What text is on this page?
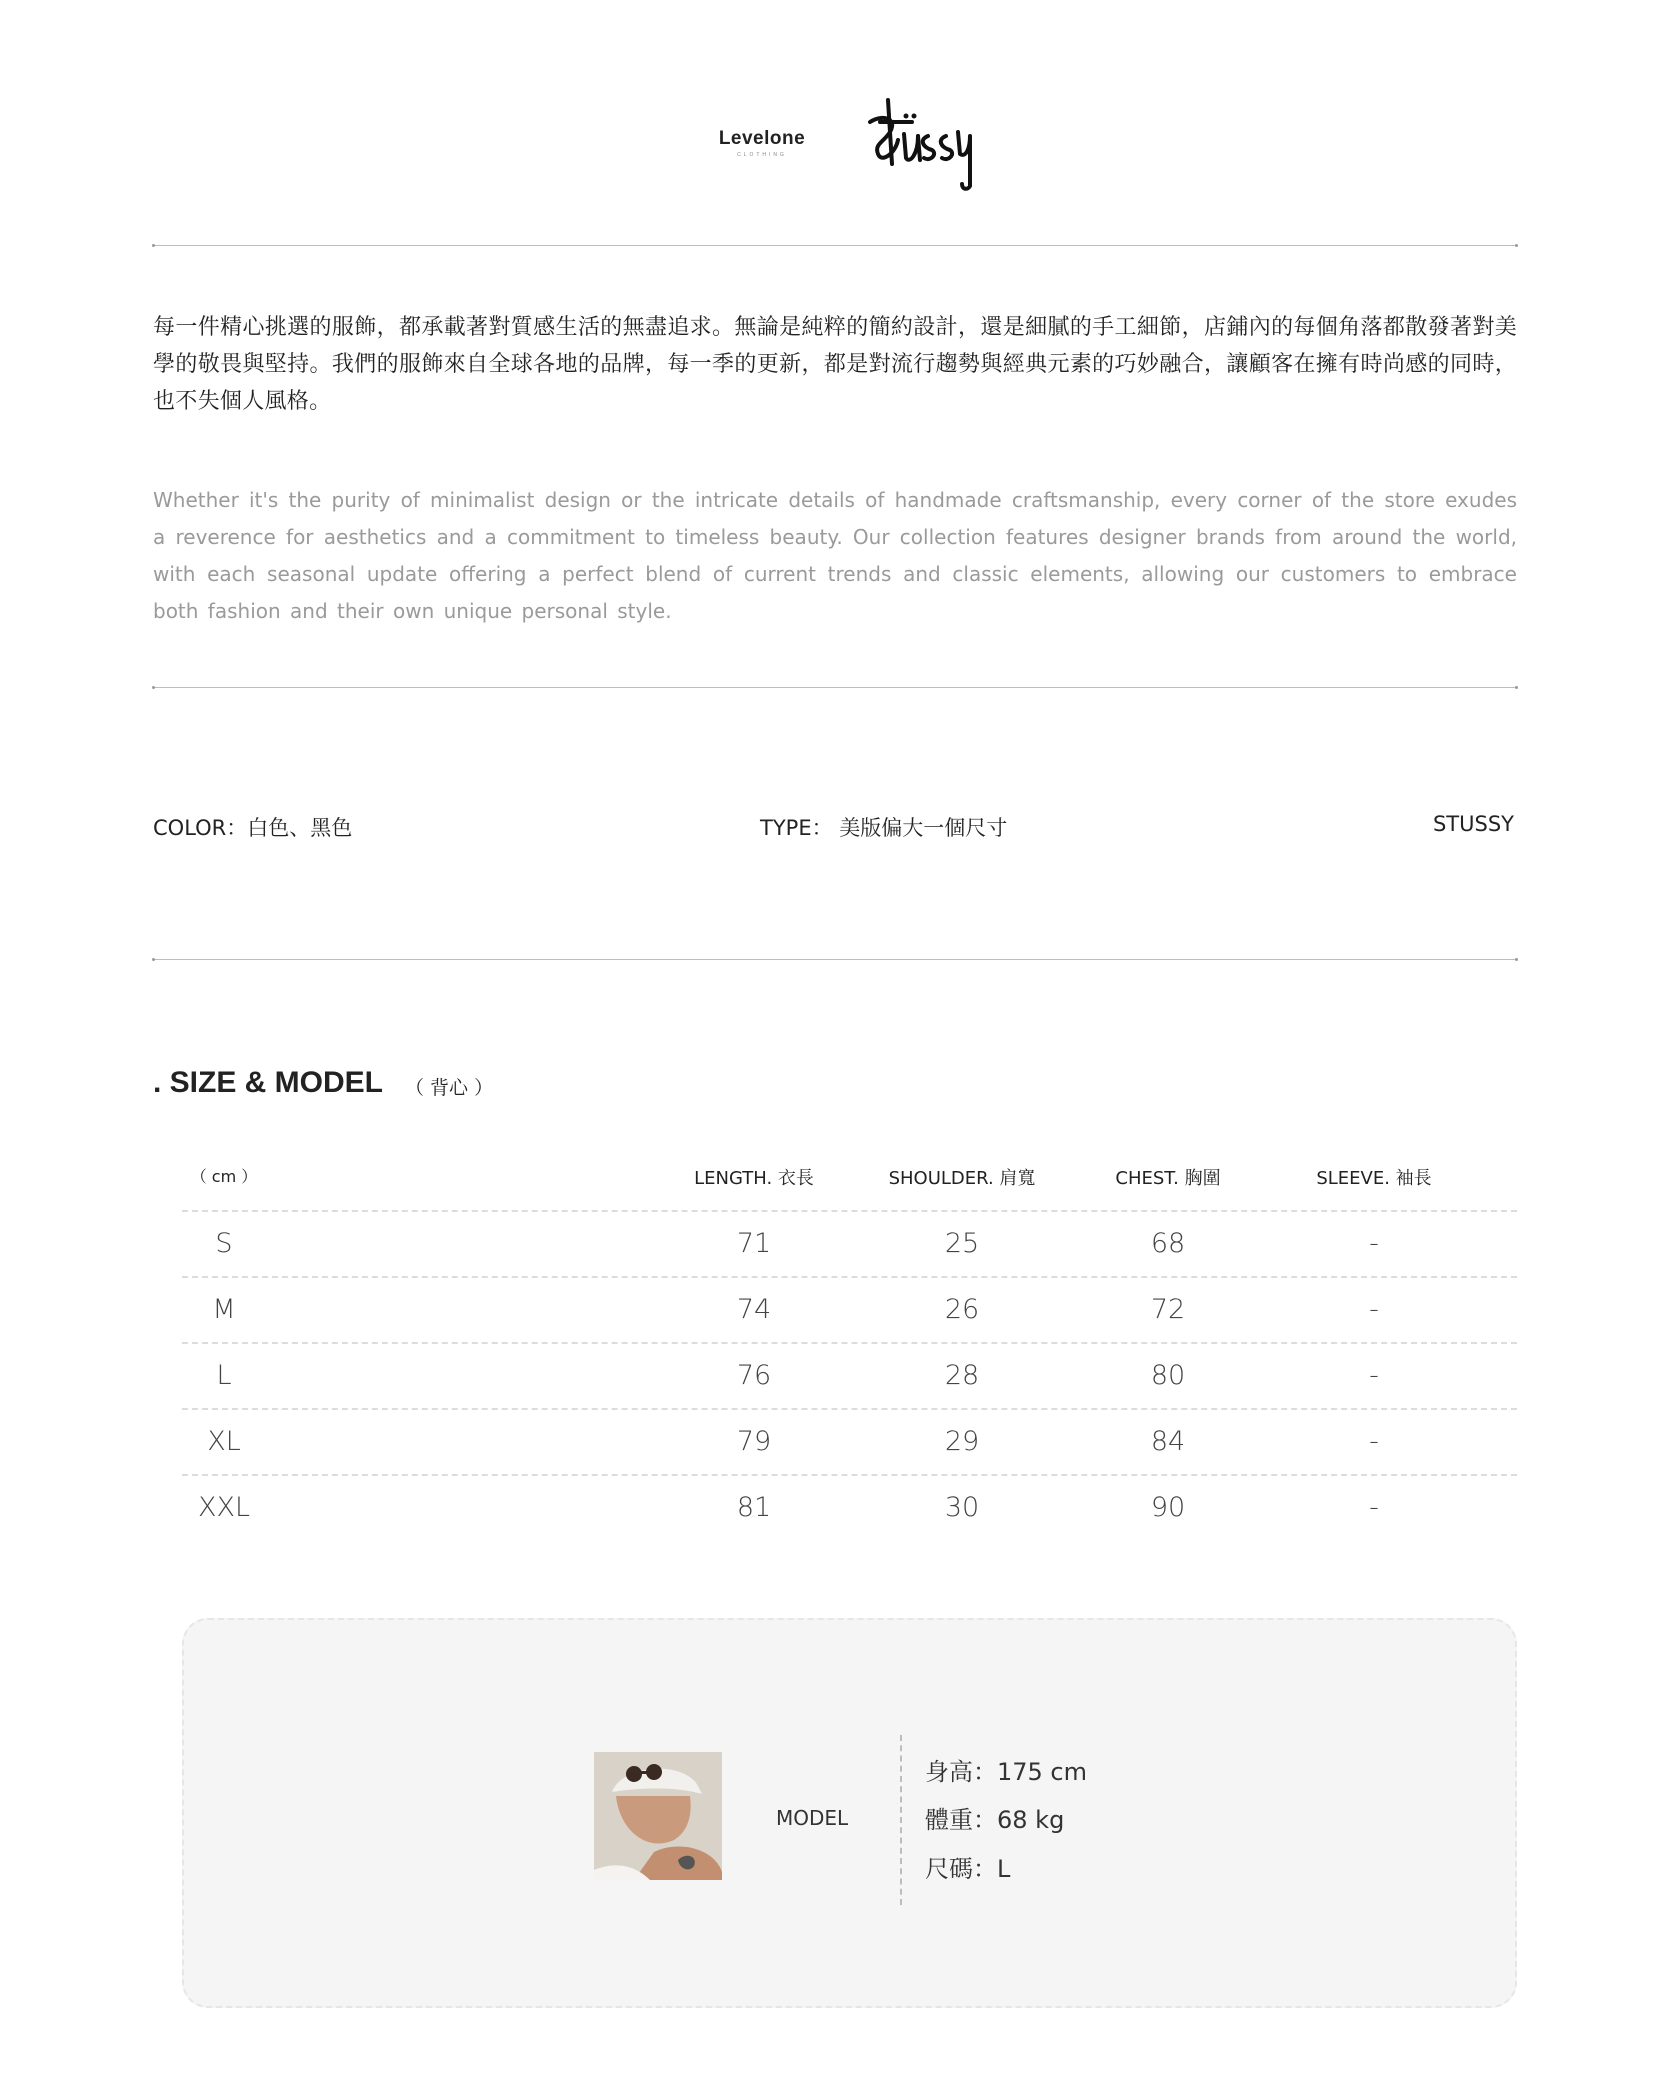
Levelone
CLOTHING
每一件精心挑選的服飾，都承載著對質感生活的無盡追求。無論是純粹的簡約設計，還是細膩的手工細節，店鋪內的每個角落都散發著對美學的敬畏與堅持。我們的服飾來自全球各地的品牌，每一季的更新，都是對流行趨勢與經典元素的巧妙融合，讓顧客在擁有時尚感的同時，也不失個人風格。
Whether it's the purity of minimalist design or the intricate details of handmade craftsmanship, every corner of the store exudes a reverence for aesthetics and a commitment to timeless beauty. Our collection features designer brands from around the world, with each seasonal update offering a perfect blend of current trends and classic elements, allowing our customers to embrace both fashion and their own unique personal style.
COLOR：白色、黑色	TYPE： 美版偏大一個尺寸	STUSSY
. SIZE & MODEL （ 背心 ）
（ cm ）	LENGTH. 衣長	SHOULDER. 肩寬	CHEST. 胸圍	SLEEVE. 袖長
S	71	25	68	-
M	74	26	72	-
L	76	28	80	-
XL	79	29	84	-
XXL	81	30	90	-
MODEL
身高：175 cm
體重：68 kg
尺碼：L
